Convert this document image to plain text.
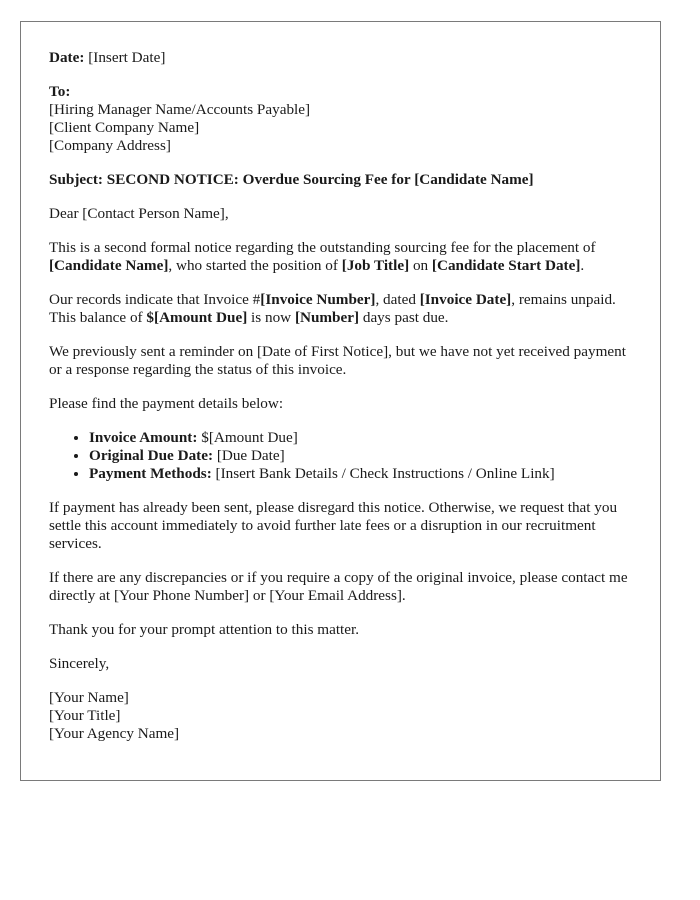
Date: [Insert Date]

To:
[Hiring Manager Name/Accounts Payable]
[Client Company Name]
[Company Address]

Subject: SECOND NOTICE: Overdue Sourcing Fee for [Candidate Name]

Dear [Contact Person Name],

This is a second formal notice regarding the outstanding sourcing fee for the placement of [Candidate Name], who started the position of [Job Title] on [Candidate Start Date].

Our records indicate that Invoice #[Invoice Number], dated [Invoice Date], remains unpaid. This balance of $[Amount Due] is now [Number] days past due.

We previously sent a reminder on [Date of First Notice], but we have not yet received payment or a response regarding the status of this invoice.

Please find the payment details below:

• Invoice Amount: $[Amount Due]
• Original Due Date: [Due Date]
• Payment Methods: [Insert Bank Details / Check Instructions / Online Link]

If payment has already been sent, please disregard this notice. Otherwise, we request that you settle this account immediately to avoid further late fees or a disruption in our recruitment services.

If there are any discrepancies or if you require a copy of the original invoice, please contact me directly at [Your Phone Number] or [Your Email Address].

Thank you for your prompt attention to this matter.

Sincerely,

[Your Name]
[Your Title]
[Your Agency Name]
